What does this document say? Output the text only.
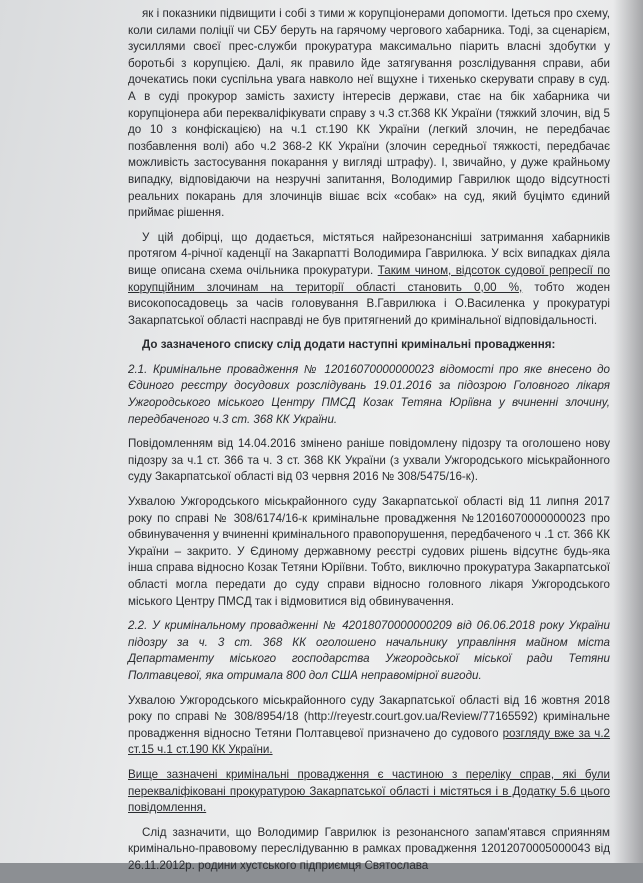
як і показники підвищити і собі з тими ж корупціонерами допомогти. Ідеться про схему, коли силами поліції чи СБУ беруть на гарячому чергового хабарника. Тоді, за сценарієм, зусиллями своєї прес-служби прокуратура максимально піарить власні здобутки у боротьбі з корупцією. Далі, як правило йде затягування розслідування справи, аби дочекатись поки суспільна увага навколо неї вщухне і тихенько скерувати справу в суд. А в суді прокурор замість захисту інтересів держави, стає на бік хабарника чи корупціонера аби перекваліфікувати справу з ч.3 ст.368 КК України (тяжкий злочин, від 5 до 10 з конфіскацією) на ч.1 ст.190 КК України (легкий злочин, не передбачає позбавлення волі) або ч.2 368-2 КК України (злочин середньої тяжкості, передбачає можливість застосування покарання у вигляді штрафу). І, звичайно, у дуже крайньому випадку, відповідаючи на незручні запитання, Володимир Гаврилюк щодо відсутності реальних покарань для злочинців вішає всіх «собак» на суд, який буцімто єдиний приймає рішення.

У цій добірці, що додається, містяться найрезонансніші затримання хабарників протягом 4-річної каденції на Закарпатті Володимира Гаврилюка. У всіх випадках діяла вище описана схема очільника прокуратури. Таким чином, відсоток судової репресії по корупційним злочинам на території області становить 0,00 %, тобто жоден високопосадовець за часів головування В.Гаврилюка і О.Василенка у прокуратурі Закарпатської області насправді не був притягнений до кримінальної відповідальності.

До зазначеного списку слід додати наступні кримінальні провадження:

2.1. Кримінальне провадження № 12016070000000023 відомості про яке внесено до Єдиного реєстру досудових розслідувань 19.01.2016 за підозрою Головного лікаря Ужгородського міського Центру ПМСД Козак Тетяна Юріївна у вчиненні злочину, передбаченого ч.3 ст. 368 КК України.

Повідомленням від 14.04.2016 змінено раніше повідомлену підозру та оголошено нову підозру за ч.1 ст. 366 та ч. 3 ст. 368 КК України (з ухвали Ужгородського міськрайонного суду Закарпатської області від 03 червня 2016 № 308/5475/16-к).

Ухвалою Ужгородського міськрайонного суду Закарпатської області від 11 липня 2017 року по справі № 308/6174/16-к кримінальне провадження №12016070000000023 про обвинувачення у вчиненні кримінального правопорушення, передбаченого ч .1 ст. 366 КК України – закрито. У Єдиному державному реєстрі судових рішень відсутнє будь-яка інша справа відносно Козак Тетяни Юріївни. Тобто, виключно прокуратура Закарпатської області могла передати до суду справи відносно головного лікаря Ужгородського міського Центру ПМСД так і відмовитися від обвинувачення.

2.2. У кримінальному провадженні № 42018070000000209 від 06.06.2018 року України підозру за ч. 3 ст. 368 КК оголошено начальнику управління майном міста Департаменту міського господарства Ужгородської міської ради Тетяни Полтавцевої, яка отримала 800 дол США неправомірної вигоди.

Ухвалою Ужгородського міськрайонного суду Закарпатської області від 16 жовтня 2018 року по справі № 308/8954/18 (http://reyestr.court.gov.ua/Review/77165592) кримінальне провадження відносно Тетяни Полтавцевої призначено до судового розгляду вже за ч.2 ст.15 ч.1 ст.190 КК України.

Вище зазначені кримінальні провадження є частиною з переліку справ, які були перекваліфіковані прокуратурою Закарпатської області і містяться і в Додатку 5.6 цього повідомлення.

Слід зазначити, що Володимир Гаврилюк із резонансного запам'ятався сприянням кримінально-правовому переслідуванню в рамках провадження 12012070005000043 від 26.11.2012р. родини хустського підприємця Святослава
